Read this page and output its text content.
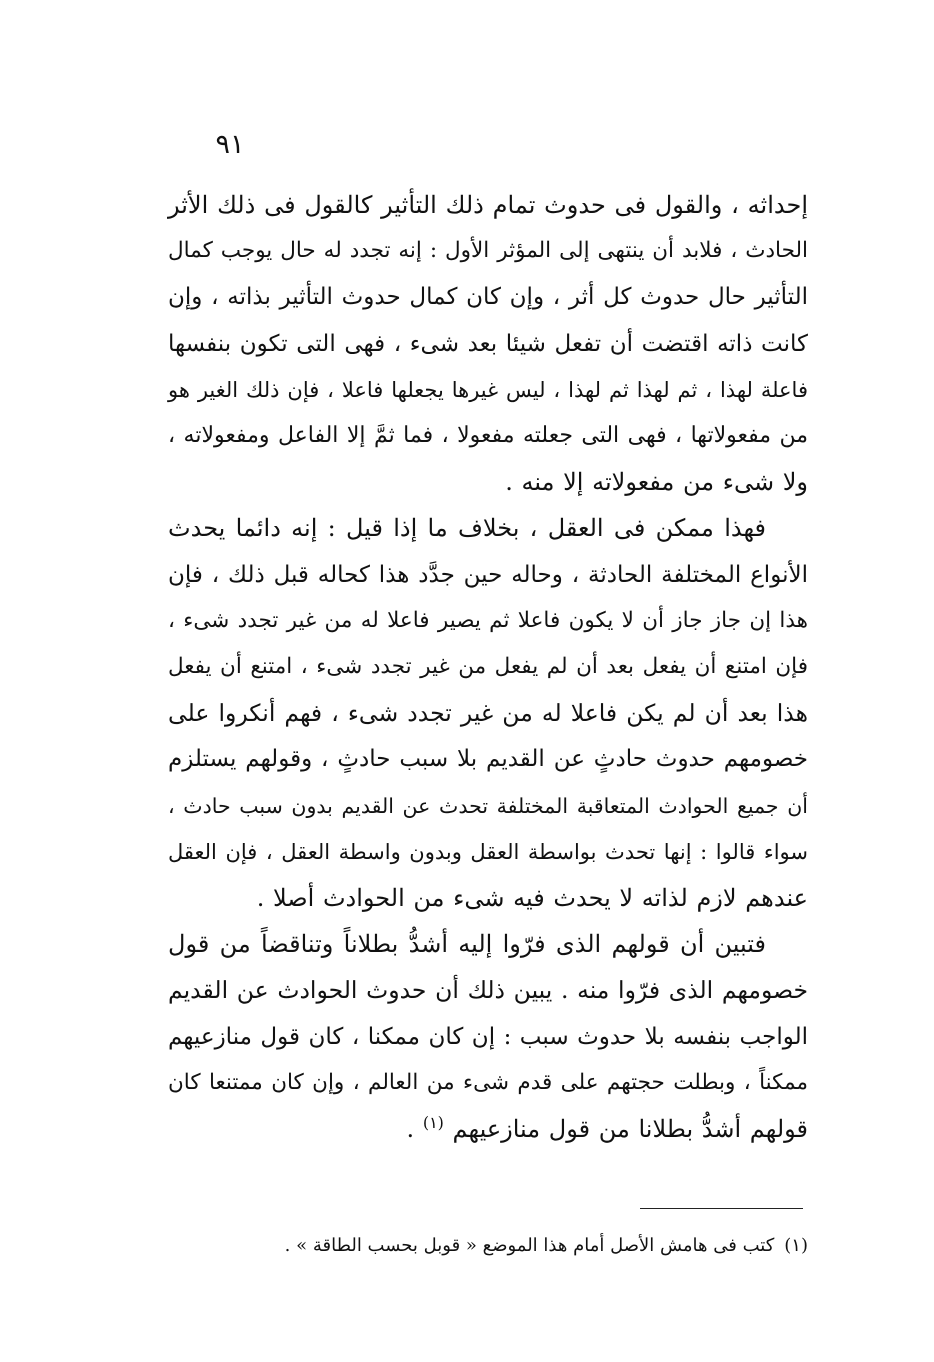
٩١

إحداثه ، والقول فى حدوث تمام ذلك التأثير كالقول فى ذلك الأثر
الحادث ، فلابد أن ينتهى إلى المؤثر الأول : إنه تجدد له حال يوجب كمال
التأثير حال حدوث كل أثر ، وإن كان كمال حدوث التأثير بذاته ، وإن
كانت ذاته اقتضت أن تفعل شيئا بعد شىء ، فهى التى تكون بنفسها
فاعلة لهذا ، ثم لهذا ثم لهذا ، ليس غيرها يجعلها فاعلا ، فإن ذلك الغير هو
من مفعولاتها ، فهى التى جعلته مفعولا ، فما ثمَّ إلا الفاعل ومفعولاته ،
ولا شىء من مفعولاته إلا منه .

فهذا ممكن فى العقل ، بخلاف ما إذا قيل : إنه دائما يحدث
الأنواع المختلفة الحادثة ، وحاله حين جدَّد هذا كحاله قبل ذلك ، فإن
هذا إن جاز جاز أن لا يكون فاعلا ثم يصير فاعلا له من غير تجدد شىء ،
فإن امتنع أن يفعل بعد أن لم يفعل من غير تجدد شىء ، امتنع أن يفعل
هذا بعد أن لم يكن فاعلا له من غير تجدد شىء ، فهم أنكروا على
خصومهم حدوث حادثٍ عن القديم بلا سبب حادثٍ ، وقولهم يستلزم
أن جميع الحوادث المتعاقبة المختلفة تحدث عن القديم بدون سبب حادث ،
سواء قالوا : إنها تحدث بواسطة العقل وبدون واسطة العقل ، فإن العقل
عندهم لازم لذاته لا يحدث فيه شىء من الحوادث أصلا .

فتبين أن قولهم الذى فرّوا إليه أشدُّ بطلاناً وتناقضاً من قول
خصومهم الذى فرّوا منه . يبين ذلك أن حدوث الحوادث عن القديم
الواجب بنفسه بلا حدوث سبب : إن كان ممكنا ، كان قول منازعيهم
ممكناً ، وبطلت حجتهم على قدم شىء من العالم ، وإن كان ممتنعا كان
قولهم أشدُّ بطلانا من قول منازعيهم $^{(١)}$ .

(١)كتب فى هامش الأصل أمام هذا الموضع « قوبل بحسب الطاقة » .
